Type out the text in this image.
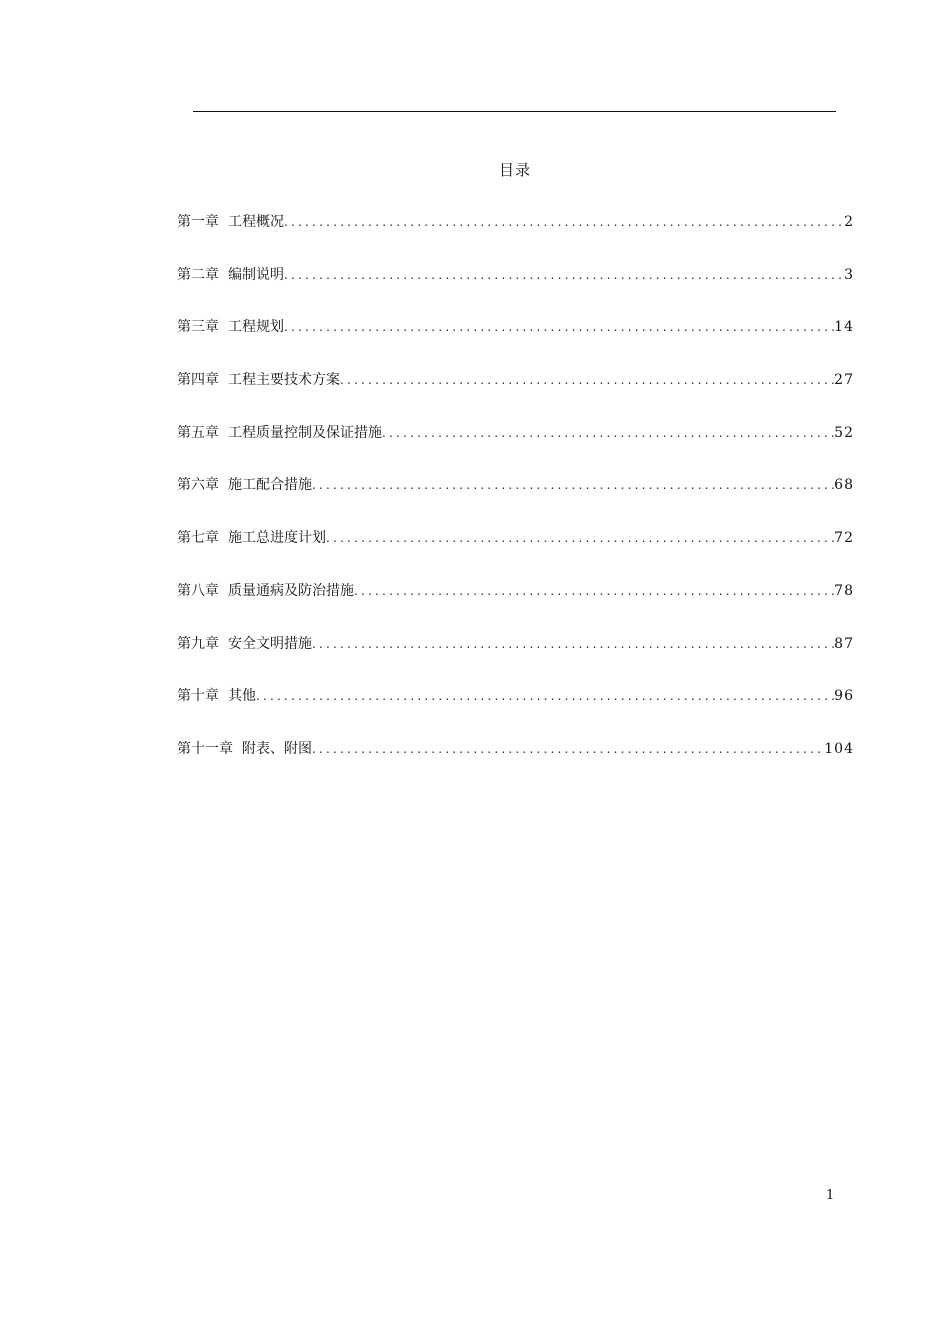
目录
第一章 工程概况 .....	2
第二章 编制说明 .....	3
第三章 工程规划 .....	14
第四章 工程主要技术方案 .....	27
第五章 工程质量控制及保证措施 .....	52
第六章 施工配合措施 .....	68
第七章 施工总进度计划 .....	72
第八章 质量通病及防治措施 .....	78
第九章 安全文明措施 .....	87
第十章 其他 .....	96
第十一章 附表、附图 .....	104
1
